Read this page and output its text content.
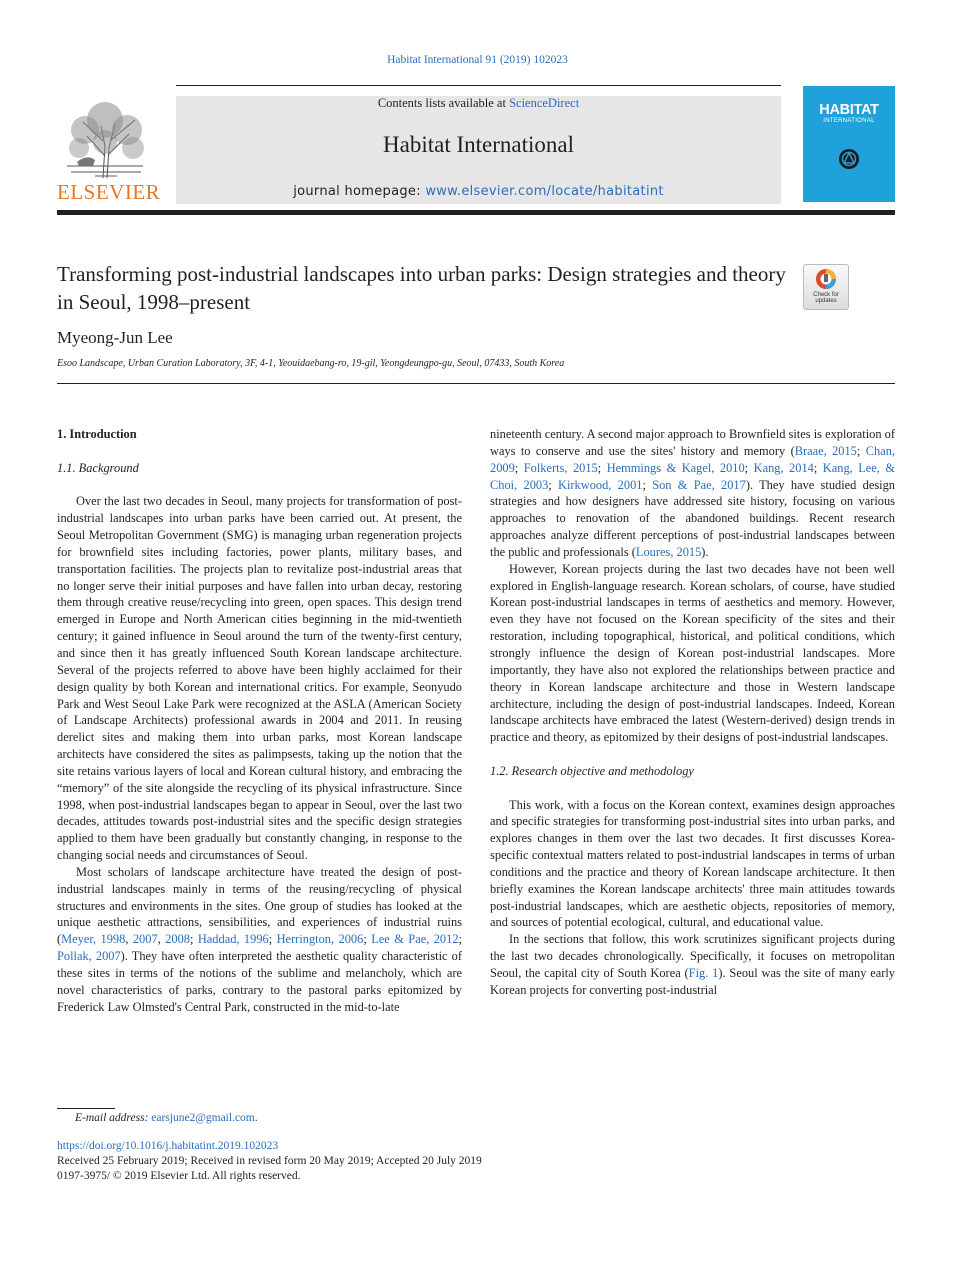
Habitat International 91 (2019) 102023
Contents lists available at ScienceDirect
Habitat International
journal homepage: www.elsevier.com/locate/habitatint
ELSEVIER
HABITAT
INTERNATIONAL
Transforming post-industrial landscapes into urban parks: Design strategies and theory in Seoul, 1998–present	Check for updates
Myeong-Jun Lee
Esoo Landscape, Urban Curation Laboratory, 3F, 4-1, Yeouidaebang-ro, 19-gil, Yeongdeungpo-gu, Seoul, 07433, South Korea

1. Introduction

1.1. Background

Over the last two decades in Seoul, many projects for transformation of post-industrial landscapes into urban parks have been carried out. At present, the Seoul Metropolitan Government (SMG) is managing urban regeneration projects for brownfield sites including factories, power plants, military bases, and transportation facilities. The projects plan to revitalize post-industrial areas that no longer serve their initial purposes and have fallen into urban decay, restoring them through creative reuse/recycling into green, open spaces. This design trend emerged in Europe and North American cities beginning in the mid-twentieth century; it gained influence in Seoul around the turn of the twenty-first century, and since then it has greatly influenced South Korean landscape architecture. Several of the projects referred to above have been highly acclaimed for their design quality by both Korean and international critics. For example, Seonyudo Park and West Seoul Lake Park were recognized at the ASLA (American Society of Landscape Architects) professional awards in 2004 and 2011. In reusing derelict sites and making them into urban parks, most Korean landscape architects have considered the sites as palimpsests, taking up the notion that the site retains various layers of local and Korean cultural history, and embracing the “memory” of the site alongside the recycling of its physical infrastructure. Since 1998, when post-industrial landscapes began to appear in Seoul, over the last two decades, attitudes towards post-industrial sites and the specific design strategies applied to them have been gradually but constantly changing, in response to the changing social needs and circumstances of Seoul.

Most scholars of landscape architecture have treated the design of post-industrial landscapes mainly in terms of the reusing/recycling of physical structures and environments in the sites. One group of studies has looked at the unique aesthetic attractions, sensibilities, and experiences of industrial ruins (Meyer, 1998, 2007, 2008; Haddad, 1996; Herrington, 2006; Lee & Pae, 2012; Pollak, 2007). They have often interpreted the aesthetic quality characteristic of these sites in terms of the notions of the sublime and melancholy, which are novel characteristics of parks, contrary to the pastoral parks epitomized by Frederick Law Olmsted's Central Park, constructed in the mid-to-late

nineteenth century. A second major approach to Brownfield sites is exploration of ways to conserve and use the sites' history and memory (Braae, 2015; Chan, 2009; Folkerts, 2015; Hemmings & Kagel, 2010; Kang, 2014; Kang, Lee, & Choi, 2003; Kirkwood, 2001; Son & Pae, 2017). They have studied design strategies and how designers have addressed site history, focusing on various approaches to renovation of the abandoned buildings. Recent research approaches analyze different perceptions of post-industrial landscapes between the public and professionals (Loures, 2015).

However, Korean projects during the last two decades have not been well explored in English-language research. Korean scholars, of course, have studied Korean post-industrial landscapes in terms of aesthetics and memory. However, even they have not focused on the Korean specificity of the sites and their restoration, including topographical, historical, and political conditions, which strongly influence the design of Korean post-industrial landscapes. More importantly, they have also not explored the relationships between practice and theory in Korean landscape architecture and those in Western landscape architecture, including the design of post-industrial landscapes. Indeed, Korean landscape architects have embraced the latest (Western-derived) design trends in practice and theory, as epitomized by their designs of post-industrial landscapes.

1.2. Research objective and methodology

This work, with a focus on the Korean context, examines design approaches and specific strategies for transforming post-industrial sites into urban parks, and explores changes in them over the last two decades. It first discusses Korea-specific contextual matters related to post-industrial landscapes in terms of urban conditions and the practice and theory of Korean landscape architecture. It then briefly examines the Korean landscape architects' three main attitudes towards post-industrial landscapes, which are aesthetic objects, repositories of memory, and sources of potential ecological, cultural, and educational value.

In the sections that follow, this work scrutinizes significant projects during the last two decades chronologically. Specifically, it focuses on metropolitan Seoul, the capital city of South Korea (Fig. 1). Seoul was the site of many early Korean projects for converting post-industrial

E-mail address: earsjune2@gmail.com.
https://doi.org/10.1016/j.habitatint.2019.102023
Received 25 February 2019; Received in revised form 20 May 2019; Accepted 20 July 2019
0197-3975/ © 2019 Elsevier Ltd. All rights reserved.
